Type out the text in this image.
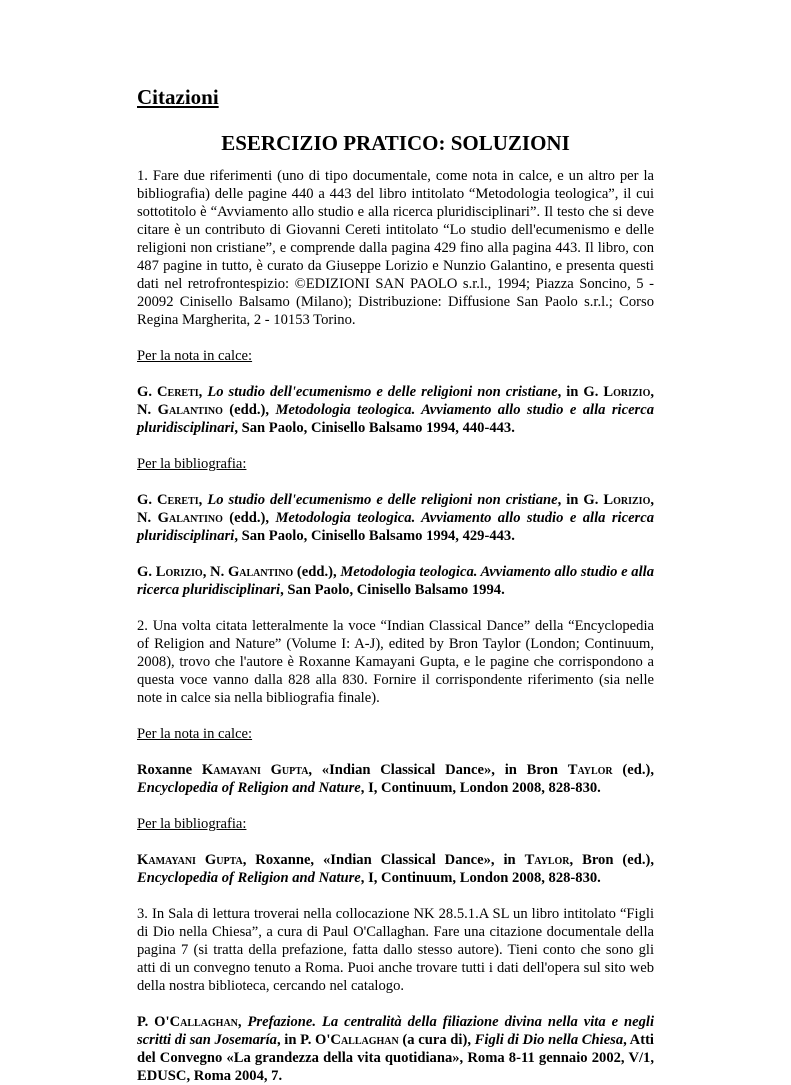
Citazioni
ESERCIZIO PRATICO: SOLUZIONI

1. Fare due riferimenti (uno di tipo documentale, come nota in calce, e un altro per la bibliografia) delle pagine 440 a 443 del libro intitolato “Metodologia teologica”, il cui sottotitolo è “Avviamento allo studio e alla ricerca pluridisciplinari”. Il testo che si deve citare è un contributo di Giovanni Cereti intitolato “Lo studio dell'ecumenismo e delle religioni non cristiane”, e comprende dalla pagina 429 fino alla pagina 443. Il libro, con 487 pagine in tutto, è curato da Giuseppe Lorizio e Nunzio Galantino, e presenta questi dati nel retrofrontespizio: ©EDIZIONI SAN PAOLO s.r.l., 1994; Piazza Soncino, 5 - 20092 Cinisello Balsamo (Milano); Distribuzione: Diffusione San Paolo s.r.l.; Corso Regina Margherita, 2 - 10153 Torino.

Per la nota in calce:

G. Cereti, Lo studio dell'ecumenismo e delle religioni non cristiane, in G. Lorizio, N. Galantino (edd.), Metodologia teologica. Avviamento allo studio e alla ricerca pluridisciplinari, San Paolo, Cinisello Balsamo 1994, 440-443.

Per la bibliografia:

G. Cereti, Lo studio dell'ecumenismo e delle religioni non cristiane, in G. Lorizio, N. Galantino (edd.), Metodologia teologica. Avviamento allo studio e alla ricerca pluridisciplinari, San Paolo, Cinisello Balsamo 1994, 429-443.

G. Lorizio, N. Galantino (edd.), Metodologia teologica. Avviamento allo studio e alla ricerca pluridisciplinari, San Paolo, Cinisello Balsamo 1994.

2. Una volta citata letteralmente la voce “Indian Classical Dance” della “Encyclopedia of Religion and Nature” (Volume I: A-J), edited by Bron Taylor (London; Continuum, 2008), trovo che l'autore è Roxanne Kamayani Gupta, e le pagine che corrispondono a questa voce vanno dalla 828 alla 830. Fornire il corrispondente riferimento (sia nelle note in calce sia nella bibliografia finale).

Per la nota in calce:

Roxanne Kamayani Gupta, «Indian Classical Dance», in Bron Taylor (ed.), Encyclopedia of Religion and Nature, I, Continuum, London 2008, 828-830.

Per la bibliografia:

Kamayani Gupta, Roxanne, «Indian Classical Dance», in Taylor, Bron (ed.), Encyclopedia of Religion and Nature, I, Continuum, London 2008, 828-830.

3. In Sala di lettura troverai nella collocazione NK 28.5.1.A SL un libro intitolato “Figli di Dio nella Chiesa”, a cura di Paul O'Callaghan. Fare una citazione documentale della pagina 7 (si tratta della prefazione, fatta dallo stesso autore). Tieni conto che sono gli atti di un convegno tenuto a Roma. Puoi anche trovare tutti i dati dell'opera sul sito web della nostra biblioteca, cercando nel catalogo.

P. O'Callaghan, Prefazione. La centralità della filiazione divina nella vita e negli scritti di san Josemaría, in P. O'Callaghan (a cura di), Figli di Dio nella Chiesa, Atti del Convegno «La grandezza della vita quotidiana», Roma 8-11 gennaio 2002, V/1, EDUSC, Roma 2004, 7.
